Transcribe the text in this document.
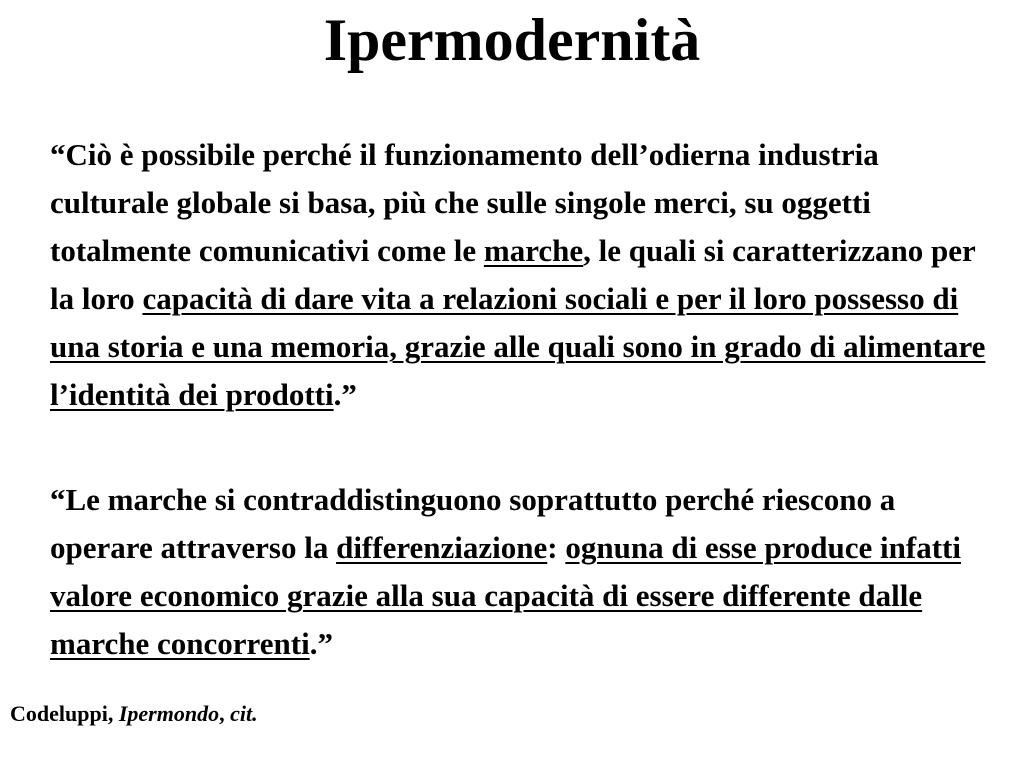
Ipermodernità

“Ciò è possibile perché il funzionamento dell’odierna industria culturale globale si basa, più che sulle singole merci, su oggetti totalmente comunicativi come le marche, le quali si caratterizzano per la loro capacità di dare vita a relazioni sociali e per il loro possesso di una storia e una memoria, grazie alle quali sono in grado di alimentare l’identità dei prodotti.”

“Le marche si contraddistinguono soprattutto perché riescono a operare attraverso la differenziazione: ognuna di esse produce infatti valore economico grazie alla sua capacità di essere differente dalle marche concorrenti.”

Codeluppi, Ipermondo, cit.
